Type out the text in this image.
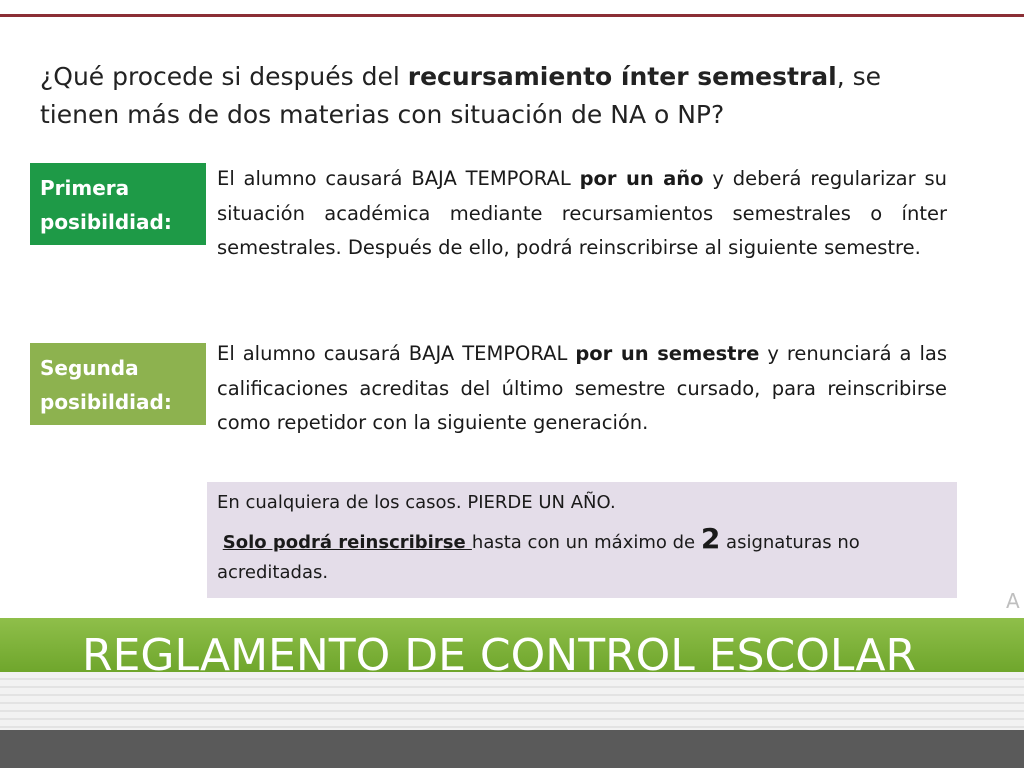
¿Qué procede si después del recursamiento ínter semestral, se tienen más de dos materias con situación de NA o NP?
Primera
posibildiad:
El alumno causará BAJA TEMPORAL por un año y deberá regularizar su situación académica mediante recursamientos semestrales o ínter semestrales. Después de ello, podrá reinscribirse al siguiente semestre.
Segunda
posibildiad:
El alumno causará BAJA TEMPORAL por un semestre y renunciará a las calificaciones acreditas del último semestre cursado, para reinscribirse como repetidor con la siguiente generación.
En cualquiera de los casos. PIERDE UN AÑO.
Solo podrá reinscribirse hasta con un máximo de 2 asignaturas no
acreditadas.
A
REGLAMENTO DE CONTROL ESCOLAR
